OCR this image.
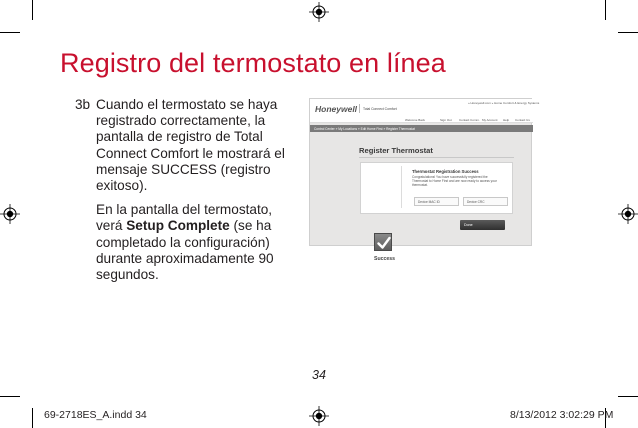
Registro del termostato en línea
3b Cuando el termostato se haya registrado correctamente, la pantalla de registro de Total Connect Comfort le mostrará el mensaje SUCCESS (registro exitoso).
En la pantalla del termostato, verá Setup Complete (se ha completado la configuración) durante aproximadamente 90 segundos.
Honeywell Total Connect Comfort
» Honeywell.com » Home Comfort & Energy Systems
Welcome Back	Sign Out Contact Comm. My Account Help Contact Us
Control Center » My Locations » Edit Home First » Register Thermostat
Register Thermostat
Success
Thermostat Registration Success
Congratulations! You have successfully registered the Thermostat to Home First and are now ready to access your thermostat.
Device MAC ID	Device CRC
Done
34
69-2718ES_A.indd 34	8/13/2012 3:02:29 PM
